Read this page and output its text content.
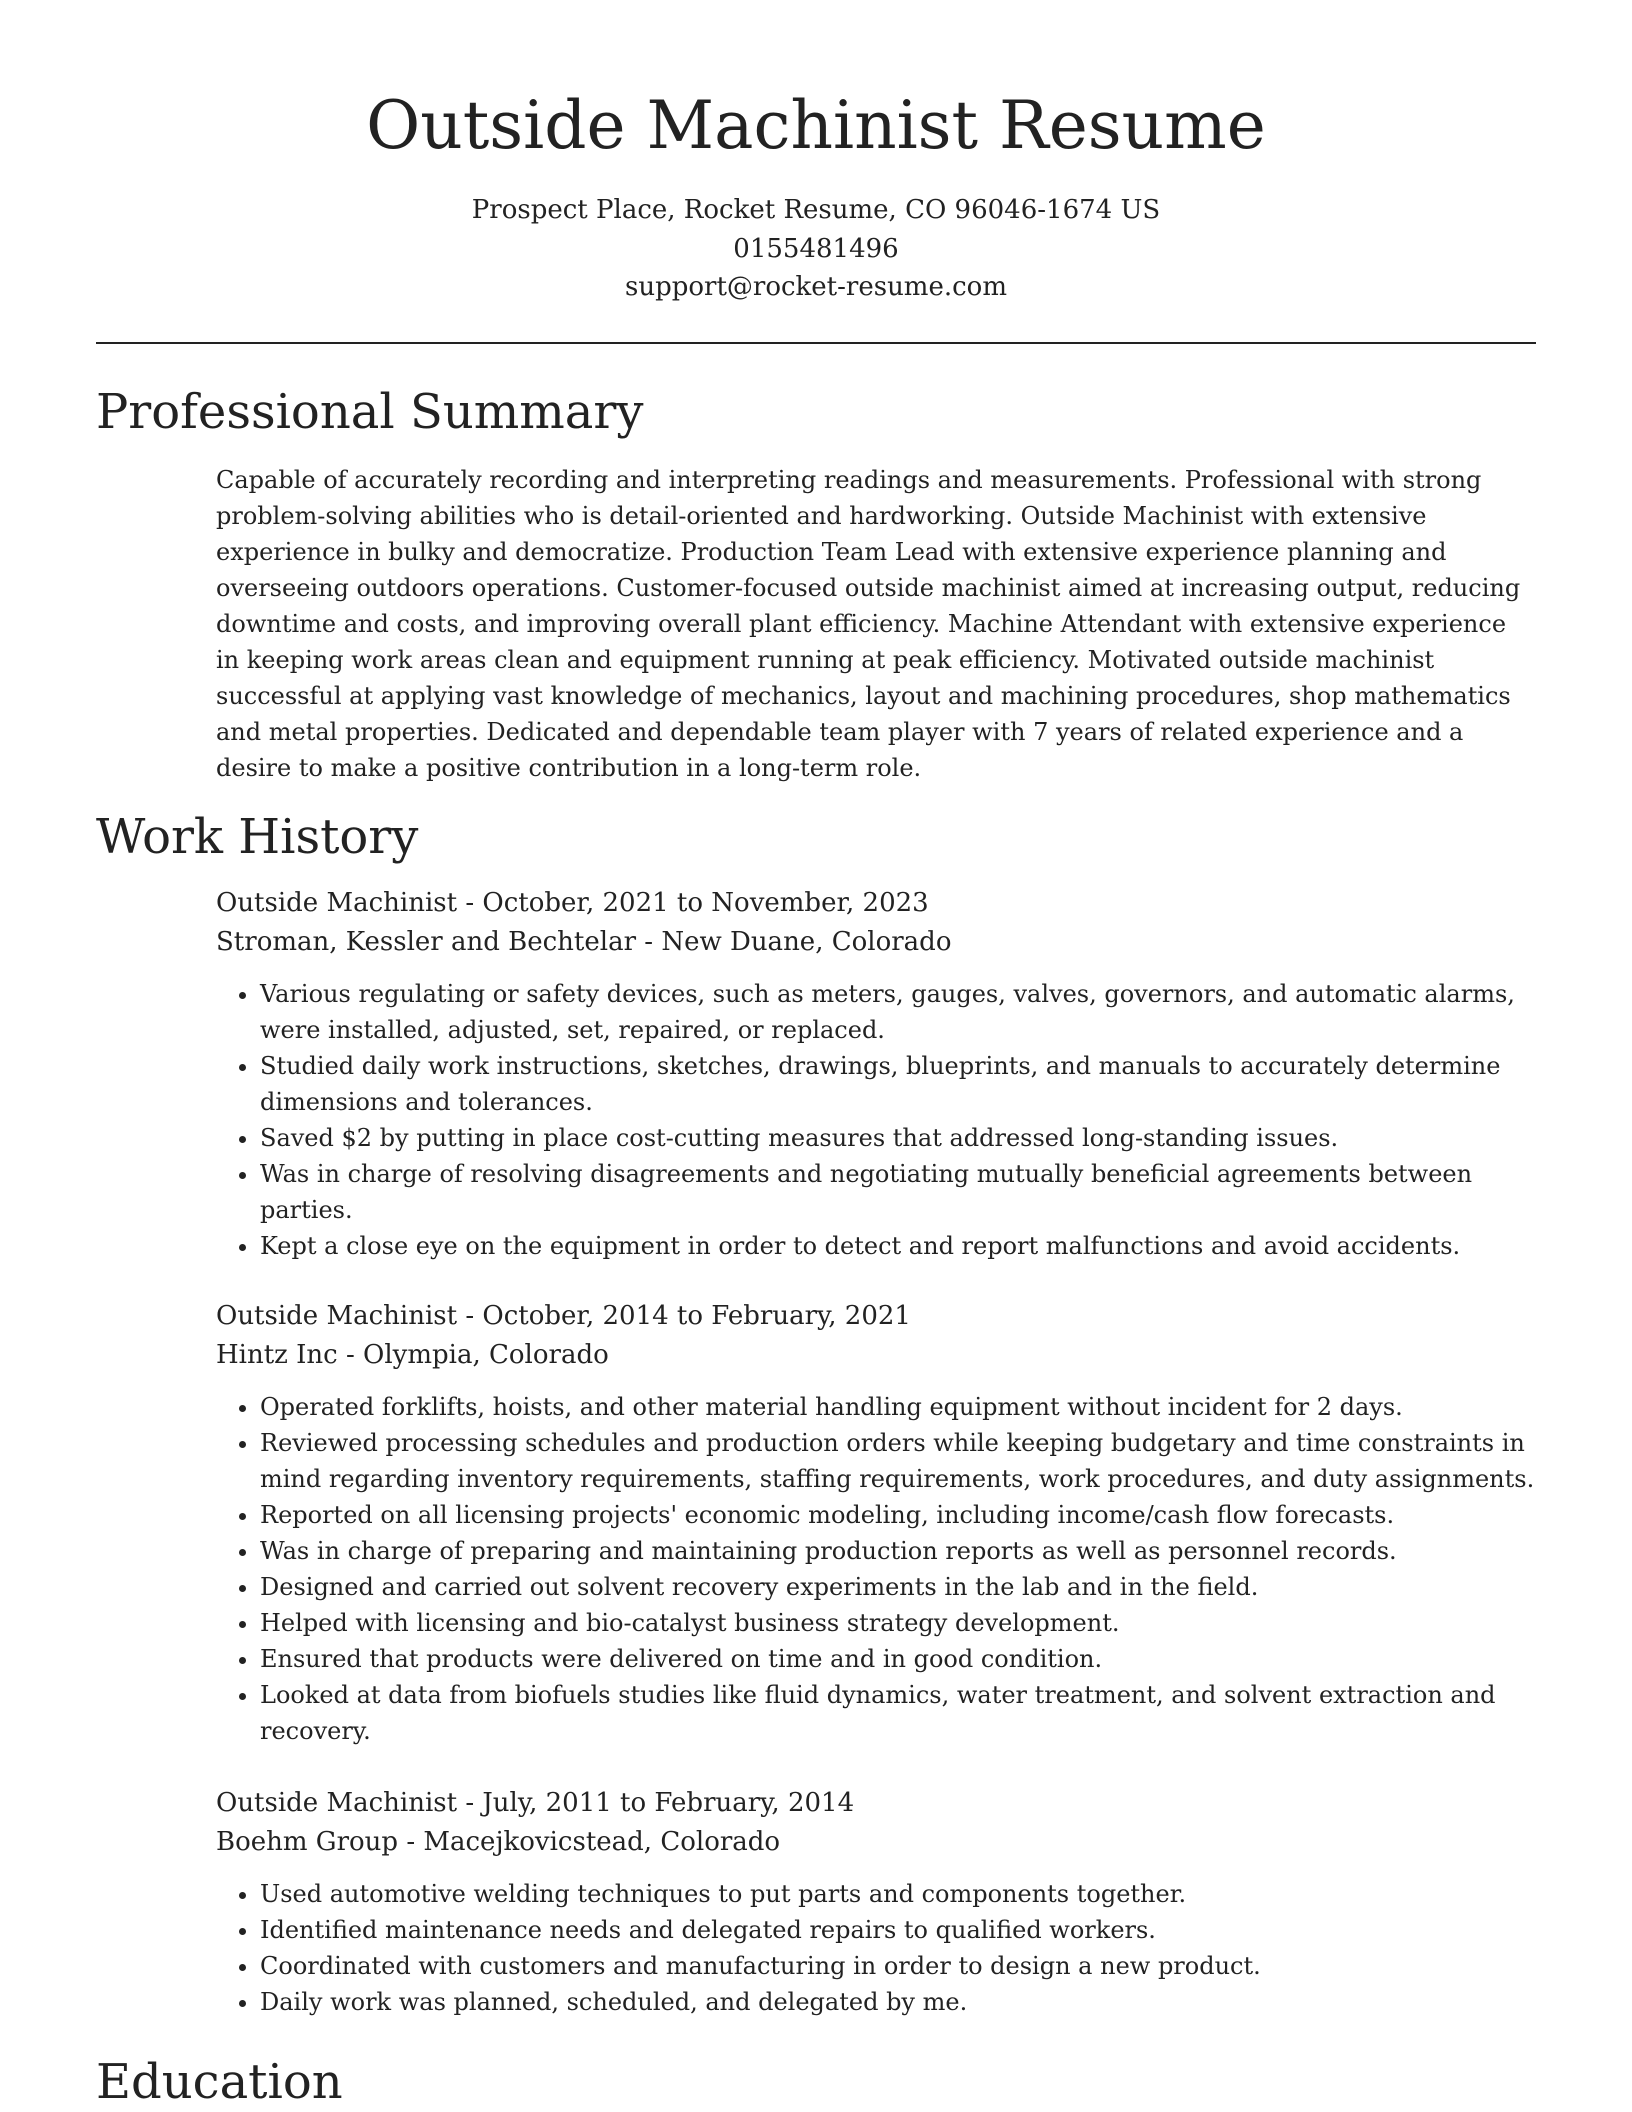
Outside Machinist Resume
Prospect Place, Rocket Resume, CO 96046-1674 US
0155481496
support@rocket-resume.com
Professional Summary

Capable of accurately recording and interpreting readings and measurements. Professional with strong problem-solving abilities who is detail-oriented and hardworking. Outside Machinist with extensive experience in bulky and democratize. Production Team Lead with extensive experience planning and overseeing outdoors operations. Customer-focused outside machinist aimed at increasing output, reducing downtime and costs, and improving overall plant efficiency. Machine Attendant with extensive experience in keeping work areas clean and equipment running at peak efficiency. Motivated outside machinist successful at applying vast knowledge of mechanics, layout and machining procedures, shop mathematics and metal properties. Dedicated and dependable team player with 7 years of related experience and a desire to make a positive contribution in a long-term role.

Work History
Outside Machinist - October, 2021 to November, 2023
Stroman, Kessler and Bechtelar - New Duane, Colorado
• Various regulating or safety devices, such as meters, gauges, valves, governors, and automatic alarms, were installed, adjusted, set, repaired, or replaced.
• Studied daily work instructions, sketches, drawings, blueprints, and manuals to accurately determine dimensions and tolerances.
• Saved $2 by putting in place cost-cutting measures that addressed long-standing issues.
• Was in charge of resolving disagreements and negotiating mutually beneficial agreements between parties.
• Kept a close eye on the equipment in order to detect and report malfunctions and avoid accidents.
Outside Machinist - October, 2014 to February, 2021
Hintz Inc - Olympia, Colorado
• Operated forklifts, hoists, and other material handling equipment without incident for 2 days.
• Reviewed processing schedules and production orders while keeping budgetary and time constraints in mind regarding inventory requirements, staffing requirements, work procedures, and duty assignments.
• Reported on all licensing projects' economic modeling, including income/cash flow forecasts.
• Was in charge of preparing and maintaining production reports as well as personnel records.
• Designed and carried out solvent recovery experiments in the lab and in the field.
• Helped with licensing and bio-catalyst business strategy development.
• Ensured that products were delivered on time and in good condition.
• Looked at data from biofuels studies like fluid dynamics, water treatment, and solvent extraction and recovery.
Outside Machinist - July, 2011 to February, 2014
Boehm Group - Macejkovicstead, Colorado
• Used automotive welding techniques to put parts and components together.
• Identified maintenance needs and delegated repairs to qualified workers.
• Coordinated with customers and manufacturing in order to design a new product.
• Daily work was planned, scheduled, and delegated by me.
Education
